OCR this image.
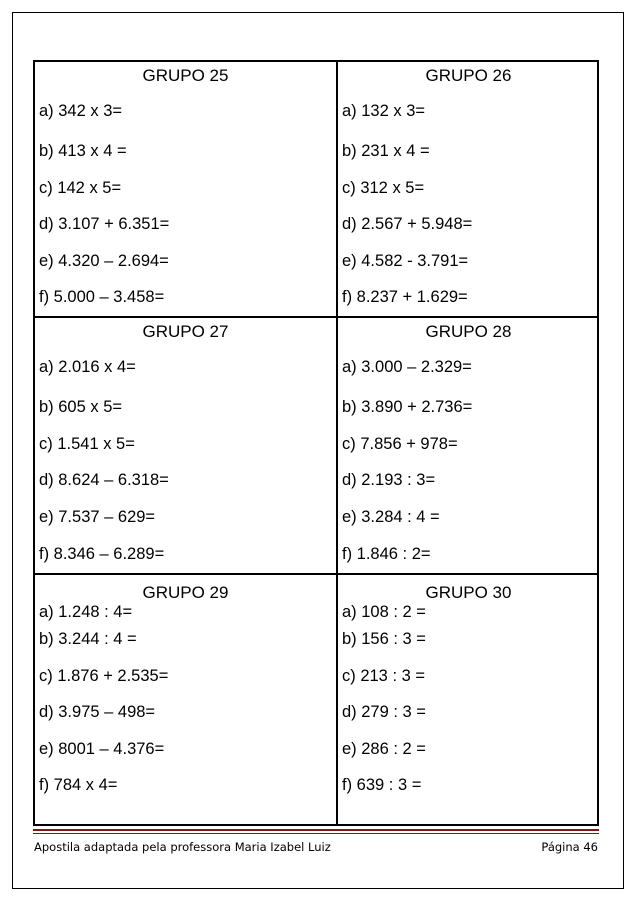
GRUPO 25
a) 342 x 3=
b) 413 x 4 =
c) 142 x 5=
d) 3.107 + 6.351=
e) 4.320 – 2.694=
f) 5.000 – 3.458=
GRUPO 26
a) 132 x 3=
b) 231 x 4 =
c) 312 x 5=
d) 2.567 + 5.948=
e) 4.582 - 3.791=
f) 8.237 + 1.629=
GRUPO 27
a) 2.016 x 4=
b) 605 x 5=
c) 1.541 x 5=
d) 8.624 – 6.318=
e) 7.537 – 629=
f) 8.346 – 6.289=
GRUPO 28
a) 3.000 – 2.329=
b) 3.890 + 2.736=
c) 7.856 + 978=
d) 2.193 : 3=
e) 3.284 : 4 =
f) 1.846 : 2=
GRUPO 29
a) 1.248 : 4=
b) 3.244 : 4 =
c) 1.876 + 2.535=
d) 3.975 – 498=
e) 8001 – 4.376=
f) 784 x 4=
GRUPO 30
a) 108 : 2 =
b) 156 : 3 =
c) 213 : 3 =
d) 279 : 3 =
e) 286 : 2 =
f) 639 : 3 =
Apostila adaptada pela professora Maria Izabel Luiz	Página 46
